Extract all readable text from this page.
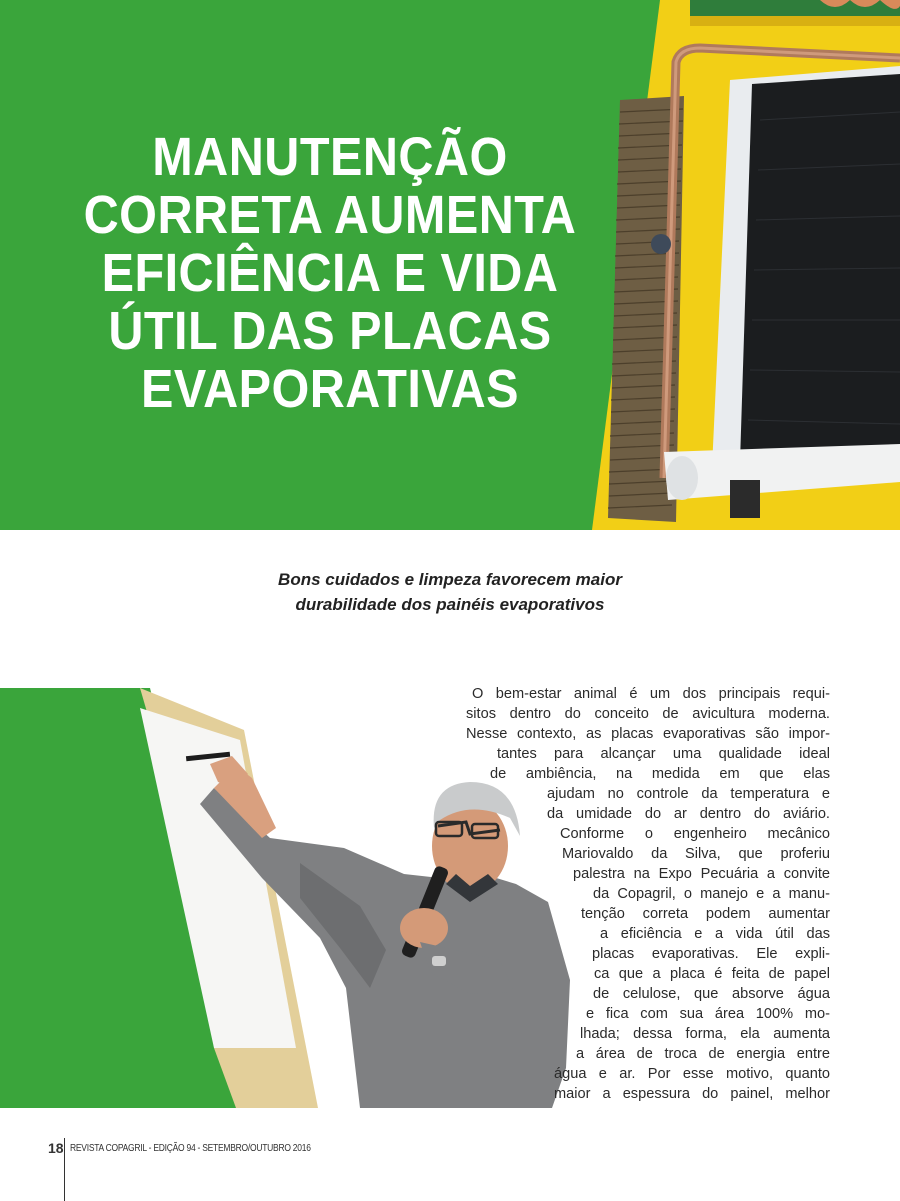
MANUTENÇÃO
CORRETA AUMENTA
EFICIÊNCIA E VIDA
ÚTIL DAS PLACAS
EVAPORATIVAS

Bons cuidados e limpeza favorecem maior
durabilidade dos painéis evaporativos

O bem-estar animal é um dos principais requi-
sitos dentro do conceito de avicultura moderna.
Nesse contexto, as placas evaporativas são impor-
tantes para alcançar uma qualidade ideal
de ambiência, na medida em que elas
ajudam no controle da temperatura e
da umidade do ar dentro do aviário.
Conforme o engenheiro mecânico
Mariovaldo da Silva, que proferiu
palestra na Expo Pecuária a convite
da Copagril, o manejo e a manu-
tenção correta podem aumentar
a eficiência e a vida útil das
placas evaporativas. Ele expli-
ca que a placa é feita de papel
de celulose, que absorve água
e fica com sua área 100% mo-
lhada; dessa forma, ela aumenta
a área de troca de energia entre
água e ar. Por esse motivo, quanto
maior a espessura do painel, melhor
18 REVISTA COPAGRIL - EDIÇÃO 94 - SETEMBRO/OUTUBRO 2016
